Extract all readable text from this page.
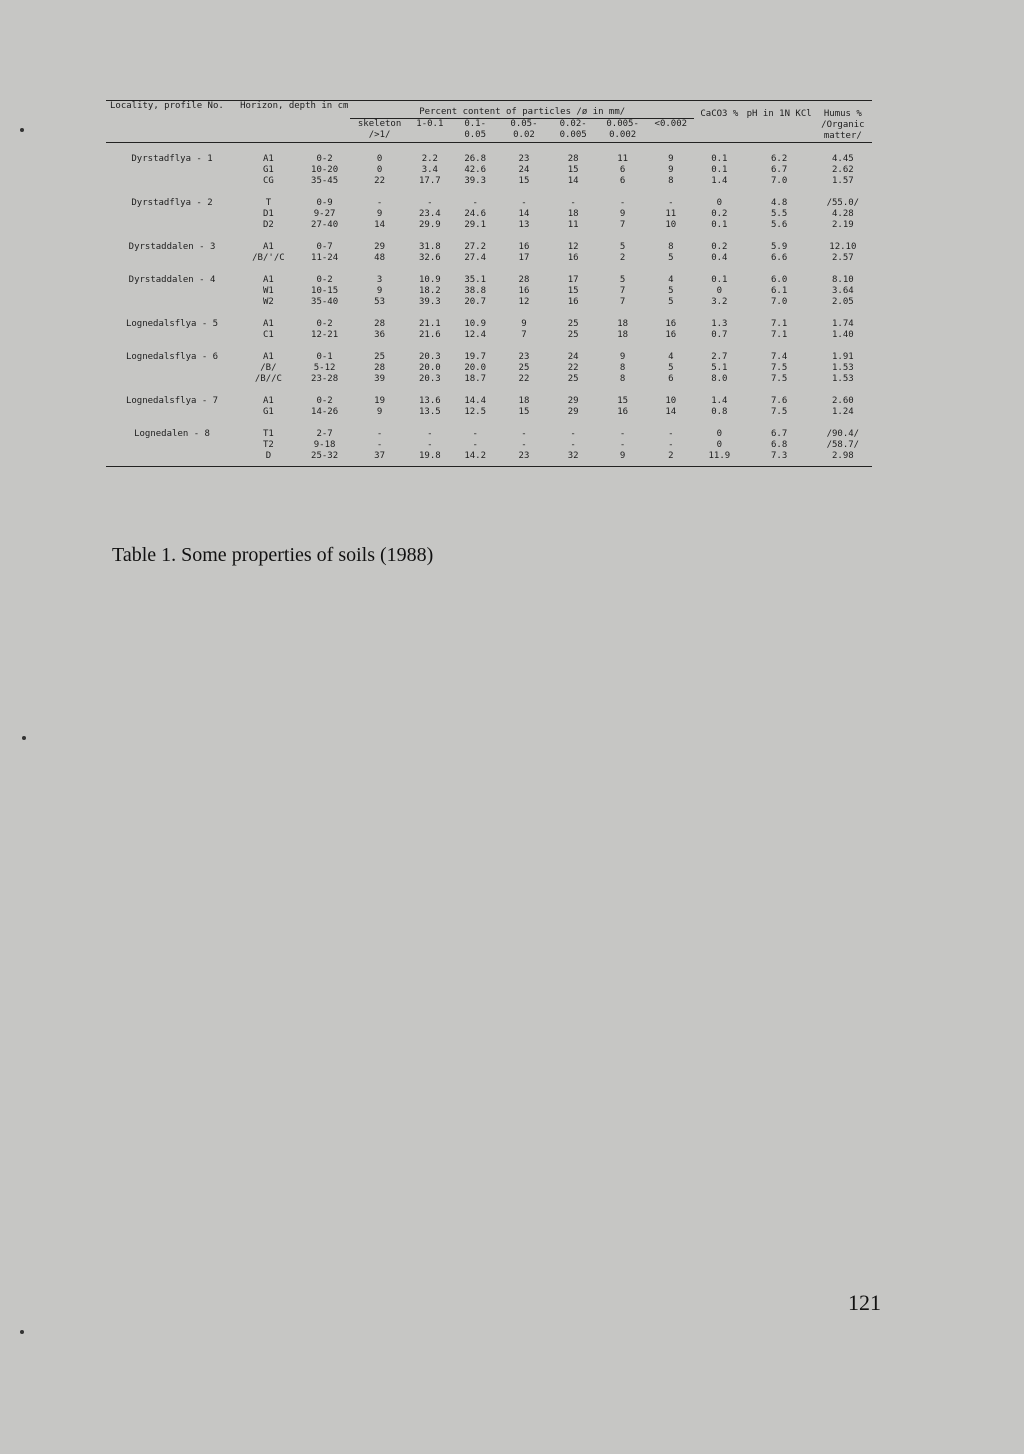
Locality, profile No.	Horizon, depth in cm		Percent content of particles /ø in mm/							CaCO3 %	pH in 1N KCl	Humus % /Organic matter/
			skeleton />1/	1-0.1	0.1- 0.05	0.05- 0.02	0.02- 0.005	0.005- 0.002	<0.002			

Dyrstadflya - 1	A1	0-2	0	2.2	26.8	23	28	11	9	0.1	6.2	4.45
	G1	10-20	0	3.4	42.6	24	15	6	9	0.1	6.7	2.62
	CG	35-45	22	17.7	39.3	15	14	6	8	1.4	7.0	1.57

Dyrstadflya - 2	T	0-9	-	-	-	-	-	-	-	0	4.8	/55.0/
	D1	9-27	9	23.4	24.6	14	18	9	11	0.2	5.5	4.28
	D2	27-40	14	29.9	29.1	13	11	7	10	0.1	5.6	2.19

Dyrstaddalen - 3	A1	0-7	29	31.8	27.2	16	12	5	8	0.2	5.9	12.10
	/B/'/C	11-24	48	32.6	27.4	17	16	2	5	0.4	6.6	2.57

Dyrstaddalen - 4	A1	0-2	3	10.9	35.1	28	17	5	4	0.1	6.0	8.10
	W1	10-15	9	18.2	38.8	16	15	7	5	0	6.1	3.64
	W2	35-40	53	39.3	20.7	12	16	7	5	3.2	7.0	2.05

Lognedalsflya - 5	A1	0-2	28	21.1	10.9	9	25	18	16	1.3	7.1	1.74
	C1	12-21	36	21.6	12.4	7	25	18	16	0.7	7.1	1.40

Lognedalsflya - 6	A1	0-1	25	20.3	19.7	23	24	9	4	2.7	7.4	1.91
	/B/	5-12	28	20.0	20.0	25	22	8	5	5.1	7.5	1.53
	/B//C	23-28	39	20.3	18.7	22	25	8	6	8.0	7.5	1.53

Lognedalsflya - 7	A1	0-2	19	13.6	14.4	18	29	15	10	1.4	7.6	2.60
	G1	14-26	9	13.5	12.5	15	29	16	14	0.8	7.5	1.24

Lognedalen - 8	T1	2-7	-	-	-	-	-	-	-	0	6.7	/90.4/
	T2	9-18	-	-	-	-	-	-	-	0	6.8	/58.7/
	D	25-32	37	19.8	14.2	23	32	9	2	11.9	7.3	2.98
Table 1. Some properties of soils (1988)
121
